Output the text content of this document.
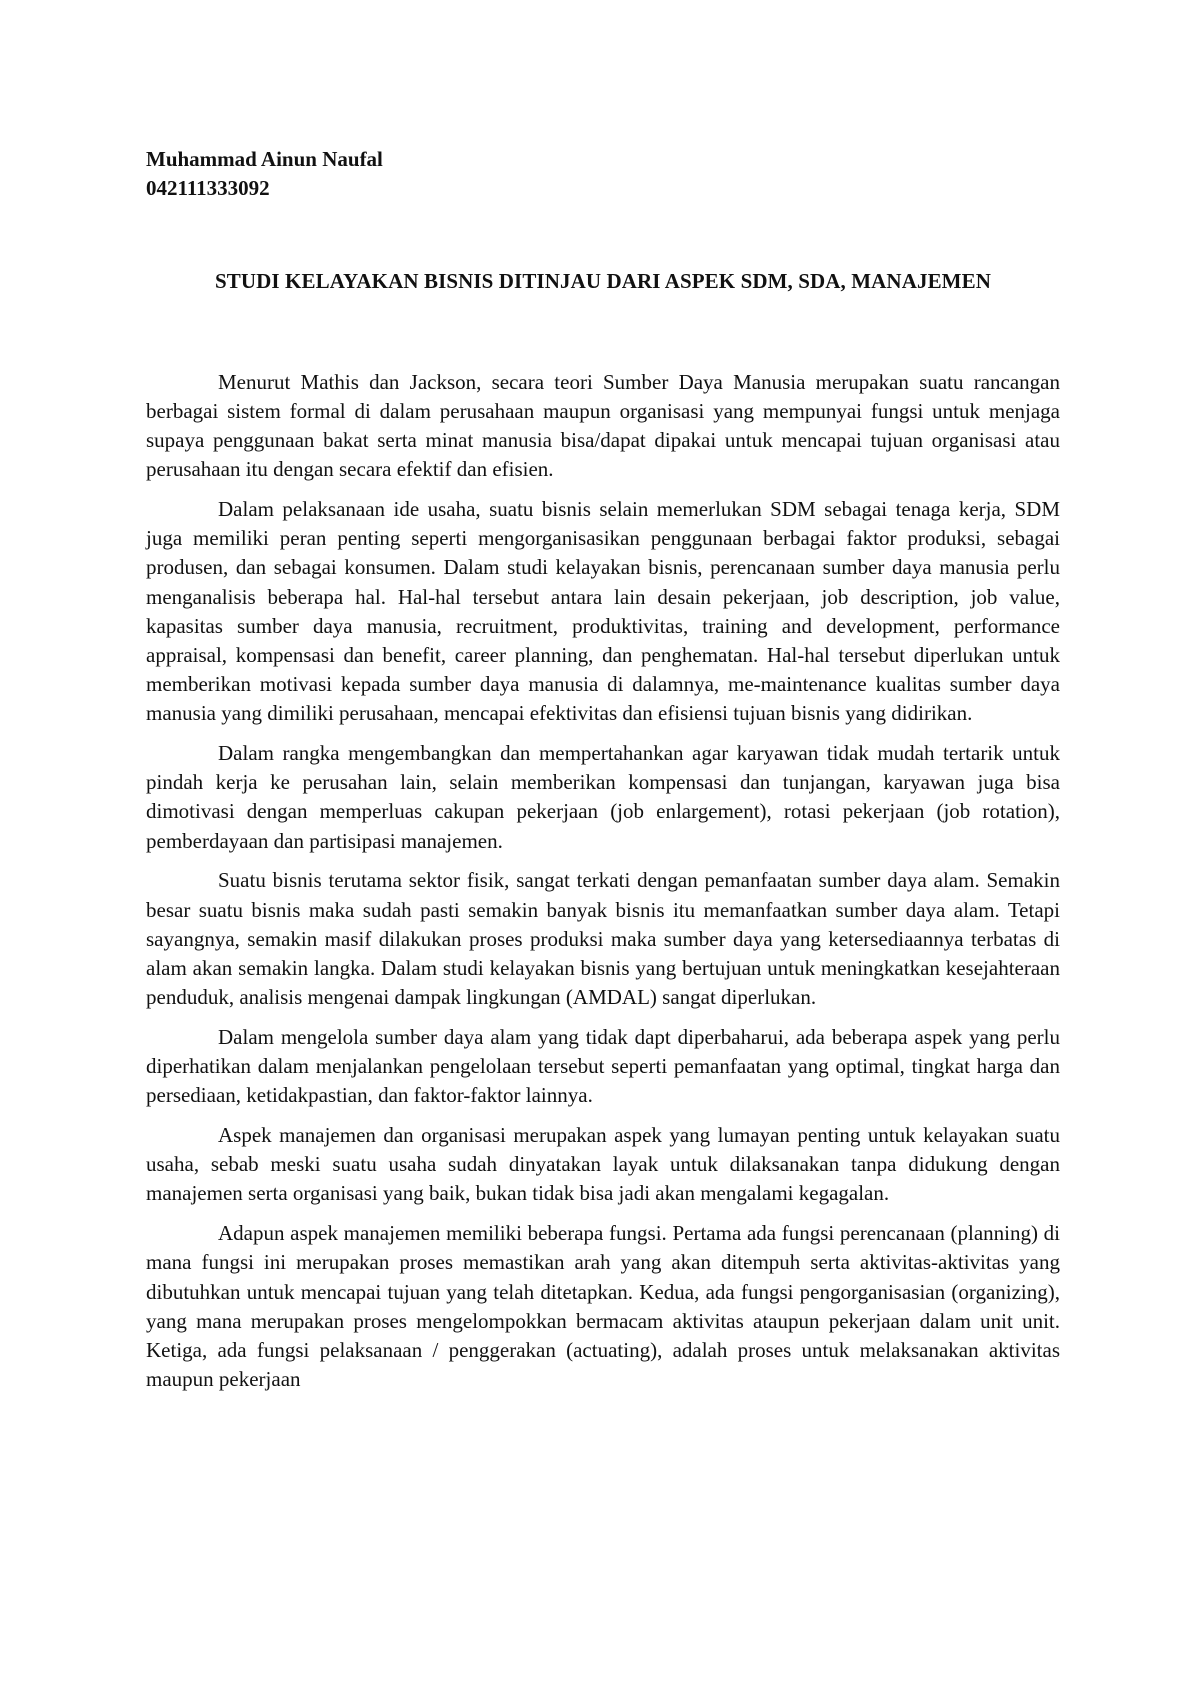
Muhammad Ainun Naufal

042111333092

STUDI KELAYAKAN BISNIS DITINJAU DARI ASPEK SDM, SDA, MANAJEMEN

Menurut Mathis dan Jackson, secara teori Sumber Daya Manusia merupakan suatu rancangan berbagai sistem formal di dalam perusahaan maupun organisasi yang mempunyai fungsi untuk menjaga supaya penggunaan bakat serta minat manusia bisa/dapat dipakai untuk mencapai tujuan organisasi atau perusahaan itu dengan secara efektif dan efisien.

Dalam pelaksanaan ide usaha, suatu bisnis selain memerlukan SDM sebagai tenaga kerja, SDM juga memiliki peran penting seperti mengorganisasikan penggunaan berbagai faktor produksi, sebagai produsen, dan sebagai konsumen. Dalam studi kelayakan bisnis, perencanaan sumber daya manusia perlu menganalisis beberapa hal. Hal-hal tersebut antara lain desain pekerjaan, job description, job value, kapasitas sumber daya manusia, recruitment, produktivitas, training and development, performance appraisal, kompensasi dan benefit, career planning, dan penghematan. Hal-hal tersebut diperlukan untuk memberikan motivasi kepada sumber daya manusia di dalamnya, me-maintenance kualitas sumber daya manusia yang dimiliki perusahaan, mencapai efektivitas dan efisiensi tujuan bisnis yang didirikan.

Dalam rangka mengembangkan dan mempertahankan agar karyawan tidak mudah tertarik untuk pindah kerja ke perusahan lain, selain memberikan kompensasi dan tunjangan, karyawan juga bisa dimotivasi dengan memperluas cakupan pekerjaan (job enlargement), rotasi pekerjaan (job rotation), pemberdayaan dan partisipasi manajemen.

Suatu bisnis terutama sektor fisik, sangat terkati dengan pemanfaatan sumber daya alam. Semakin besar suatu bisnis maka sudah pasti semakin banyak bisnis itu memanfaatkan sumber daya alam. Tetapi sayangnya, semakin masif dilakukan proses produksi maka sumber daya yang ketersediaannya terbatas di alam akan semakin langka. Dalam studi kelayakan bisnis yang bertujuan untuk meningkatkan kesejahteraan penduduk, analisis mengenai dampak lingkungan (AMDAL) sangat diperlukan.

Dalam mengelola sumber daya alam yang tidak dapt diperbaharui, ada beberapa aspek yang perlu diperhatikan dalam menjalankan pengelolaan tersebut seperti pemanfaatan yang optimal, tingkat harga dan persediaan, ketidakpastian, dan faktor-faktor lainnya.

Aspek manajemen dan organisasi merupakan aspek yang lumayan penting untuk kelayakan suatu usaha, sebab meski suatu usaha sudah dinyatakan layak untuk dilaksanakan tanpa didukung dengan manajemen serta organisasi yang baik, bukan tidak bisa jadi akan mengalami kegagalan.

Adapun aspek manajemen memiliki beberapa fungsi. Pertama ada fungsi perencanaan (planning) di mana fungsi ini merupakan proses memastikan arah yang akan ditempuh serta aktivitas-aktivitas yang dibutuhkan untuk mencapai tujuan yang telah ditetapkan. Kedua, ada fungsi pengorganisasian (organizing), yang mana merupakan proses mengelompokkan bermacam aktivitas ataupun pekerjaan dalam unit unit. Ketiga, ada fungsi pelaksanaan / penggerakan (actuating), adalah proses untuk melaksanakan aktivitas maupun pekerjaan
